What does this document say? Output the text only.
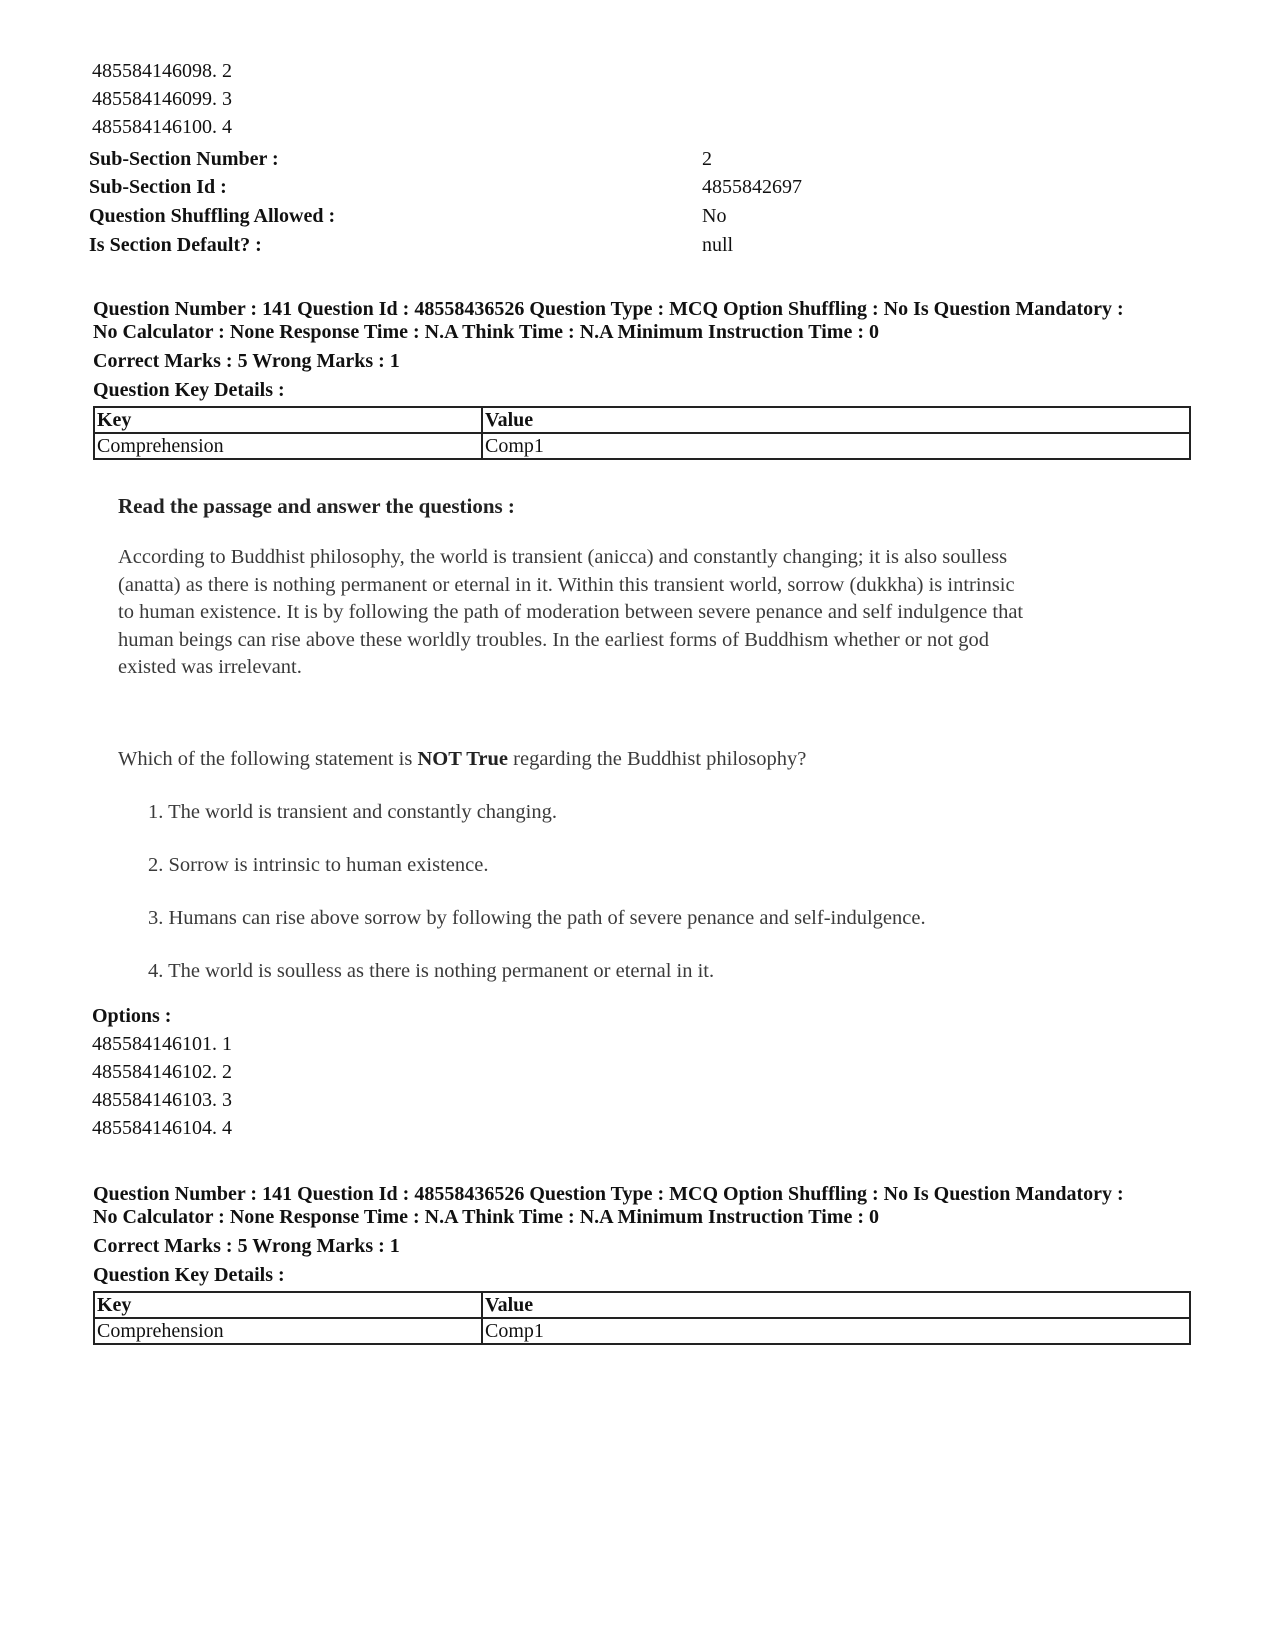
485584146098. 2
485584146099. 3
485584146100. 4
Sub-Section Number :	2
Sub-Section Id :	4855842697
Question Shuffling Allowed :	No
Is Section Default? :	null
Question Number : 141 Question Id : 48558436526 Question Type : MCQ Option Shuffling : No Is Question Mandatory :
No Calculator : None Response Time : N.A Think Time : N.A Minimum Instruction Time : 0
Correct Marks : 5 Wrong Marks : 1
Question Key Details :
Key	Value
Comprehension	Comp1
Read the passage and answer the questions :
According to Buddhist philosophy, the world is transient (anicca) and constantly changing; it is also soulless
(anatta) as there is nothing permanent or eternal in it. Within this transient world, sorrow (dukkha) is intrinsic
to human existence. It is by following the path of moderation between severe penance and self indulgence that
human beings can rise above these worldly troubles. In the earliest forms of Buddhism whether or not god
existed was irrelevant.
Which of the following statement is NOT True regarding the Buddhist philosophy?
1. The world is transient and constantly changing.
2. Sorrow is intrinsic to human existence.
3. Humans can rise above sorrow by following the path of severe penance and self-indulgence.
4. The world is soulless as there is nothing permanent or eternal in it.
Options :
485584146101. 1
485584146102. 2
485584146103. 3
485584146104. 4
Question Number : 141 Question Id : 48558436526 Question Type : MCQ Option Shuffling : No Is Question Mandatory :
No Calculator : None Response Time : N.A Think Time : N.A Minimum Instruction Time : 0
Correct Marks : 5 Wrong Marks : 1
Question Key Details :
Key	Value
Comprehension	Comp1
